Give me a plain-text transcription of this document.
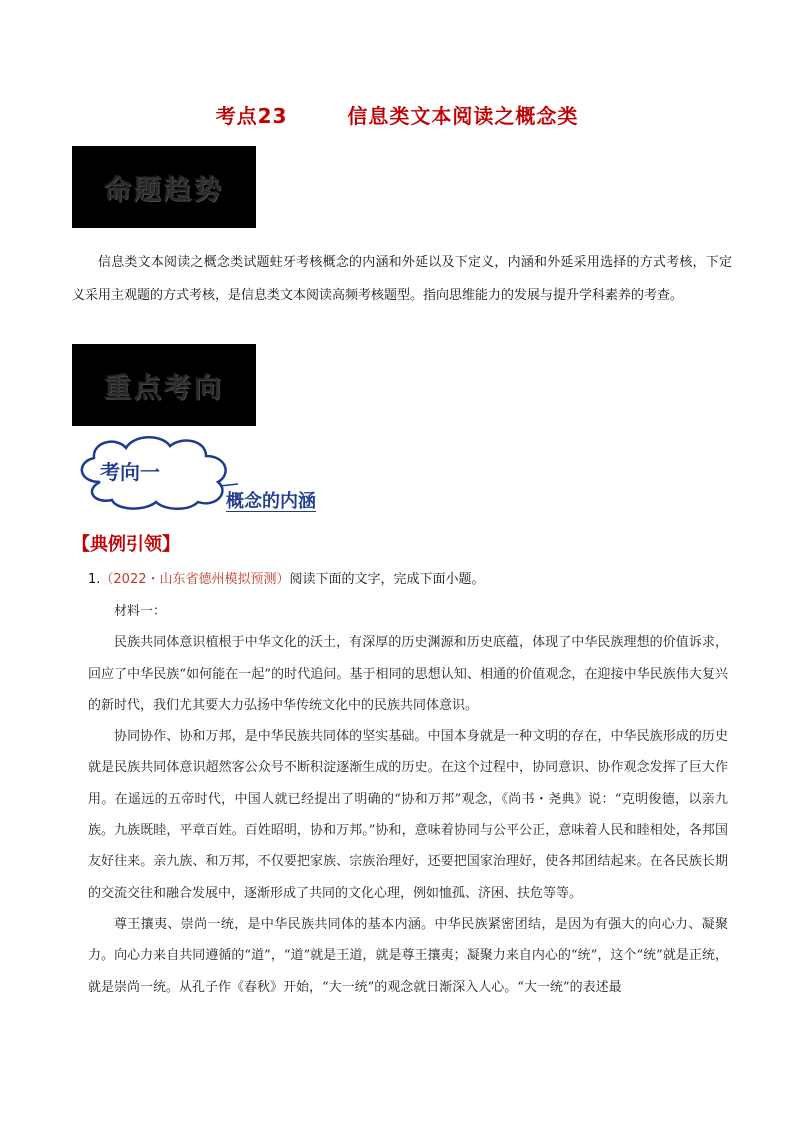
考点23	信息类文本阅读之概念类
命题趋势
信息类文本阅读之概念类试题蛀牙考核概念的内涵和外延以及下定义，内涵和外延采用选择的方式考核，下定义采用主观题的方式考核，是信息类文本阅读高频考核题型。指向思维能力的发展与提升学科素养的考查。
重点考向
考向一
概念的内涵
【典例引领】
1.（2022・山东省德州模拟预测）阅读下面的文字，完成下面小题。

材料一：

民族共同体意识植根于中华文化的沃土，有深厚的历史渊源和历史底蕴，体现了中华民族理想的价值诉求，回应了中华民族“如何能在一起”的时代追问。基于相同的思想认知、相通的价值观念，在迎接中华民族伟大复兴的新时代，我们尤其要大力弘扬中华传统文化中的民族共同体意识。

协同协作、协和万邦，是中华民族共同体的坚实基础。中国本身就是一种文明的存在，中华民族形成的历史就是民族共同体意识超然客公众号不断积淀逐渐生成的历史。在这个过程中，协同意识、协作观念发挥了巨大作用。在遥远的五帝时代，中国人就已经提出了明确的“协和万邦”观念，《尚书・尧典》说：“克明俊德，以亲九族。九族既睦，平章百姓。百姓昭明，协和万邦。”协和，意味着协同与公平公正，意味着人民和睦相处，各邦国友好往来。亲九族、和万邦，不仅要把家族、宗族治理好，还要把国家治理好，使各邦团结起来。在各民族长期的交流交往和融合发展中，逐渐形成了共同的文化心理，例如恤孤、济困、扶危等等。

尊王攘夷、崇尚一统，是中华民族共同体的基本内涵。中华民族紧密团结，是因为有强大的向心力、凝聚力。向心力来自共同遵循的“道”，“道”就是王道，就是尊王攘夷；凝聚力来自内心的“统”，这个“统”就是正统，就是崇尚一统。从孔子作《春秋》开始，“大一统”的观念就日渐深入人心。“大一统”的表述最
